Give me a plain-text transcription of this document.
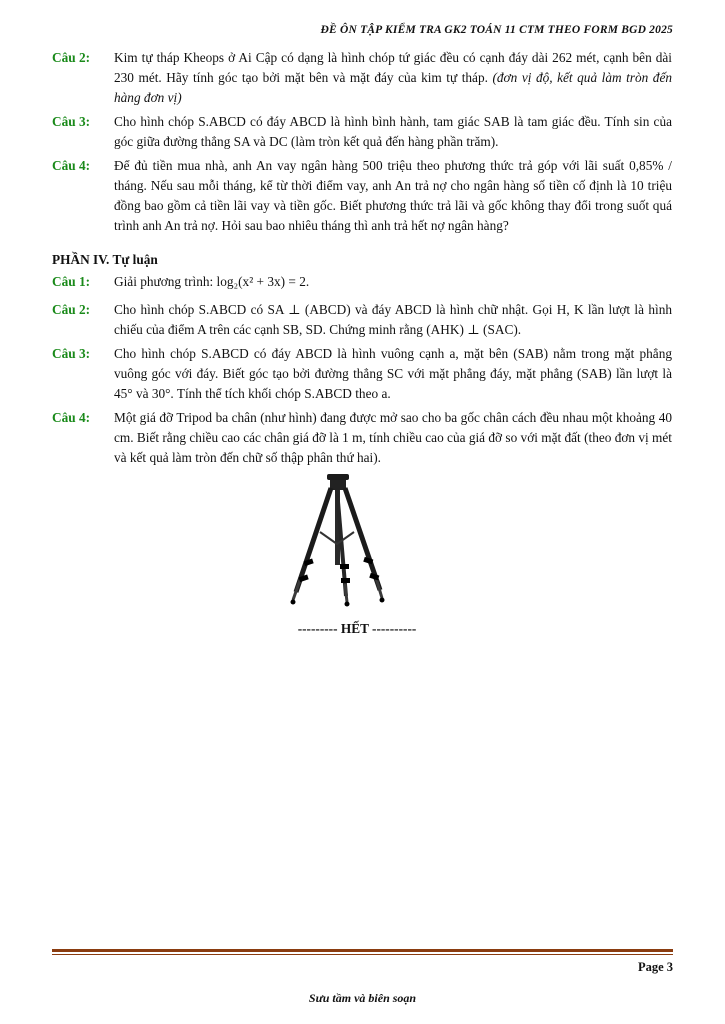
ĐỀ ÔN TẬP KIỂM TRA GK2 TOÁN 11 CTM THEO FORM BGD 2025
Câu 2:	Kim tự tháp Kheops ở Ai Cập có dạng là hình chóp tứ giác đều có cạnh đáy dài 262 mét, cạnh bên dài 230 mét. Hãy tính góc tạo bởi mặt bên và mặt đáy của kim tự tháp. (đơn vị độ, kết quả làm tròn đến hàng đơn vị)
Câu 3:	Cho hình chóp S.ABCD có đáy ABCD là hình bình hành, tam giác SAB là tam giác đều. Tính sin của góc giữa đường thẳng SA và DC (làm tròn kết quả đến hàng phần trăm).
Câu 4:	Để đủ tiền mua nhà, anh An vay ngân hàng 500 triệu theo phương thức trả góp với lãi suất 0,85% / tháng. Nếu sau mỗi tháng, kể từ thời điểm vay, anh An trả nợ cho ngân hàng số tiền cố định là 10 triệu đồng bao gồm cả tiền lãi vay và tiền gốc. Biết phương thức trả lãi và gốc không thay đổi trong suốt quá trình anh An trả nợ. Hỏi sau bao nhiêu tháng thì anh trả hết nợ ngân hàng?
PHẦN IV. Tự luận
Câu 1:	Giải phương trình: log₂(x² + 3x) = 2.
Câu 2:	Cho hình chóp S.ABCD có SA ⊥ (ABCD) và đáy ABCD là hình chữ nhật. Gọi H, K lần lượt là hình chiếu của điểm A trên các cạnh SB, SD. Chứng minh rằng (AHK) ⊥ (SAC).
Câu 3:	Cho hình chóp S.ABCD có đáy ABCD là hình vuông cạnh a, mặt bên (SAB) nằm trong mặt phẳng vuông góc với đáy. Biết góc tạo bởi đường thẳng SC với mặt phẳng đáy, mặt phẳng (SAB) lần lượt là 45° và 30°. Tính thể tích khối chóp S.ABCD theo a.
Câu 4:	Một giá đỡ Tripod ba chân (như hình) đang được mở sao cho ba gốc chân cách đều nhau một khoảng 40 cm. Biết rằng chiều cao các chân giá đỡ là 1 m, tính chiều cao của giá đỡ so với mặt đất (theo đơn vị mét và kết quả làm tròn đến chữ số thập phân thứ hai).
--------- HẾT ----------
Page 3
Sưu tầm và biên soạn
